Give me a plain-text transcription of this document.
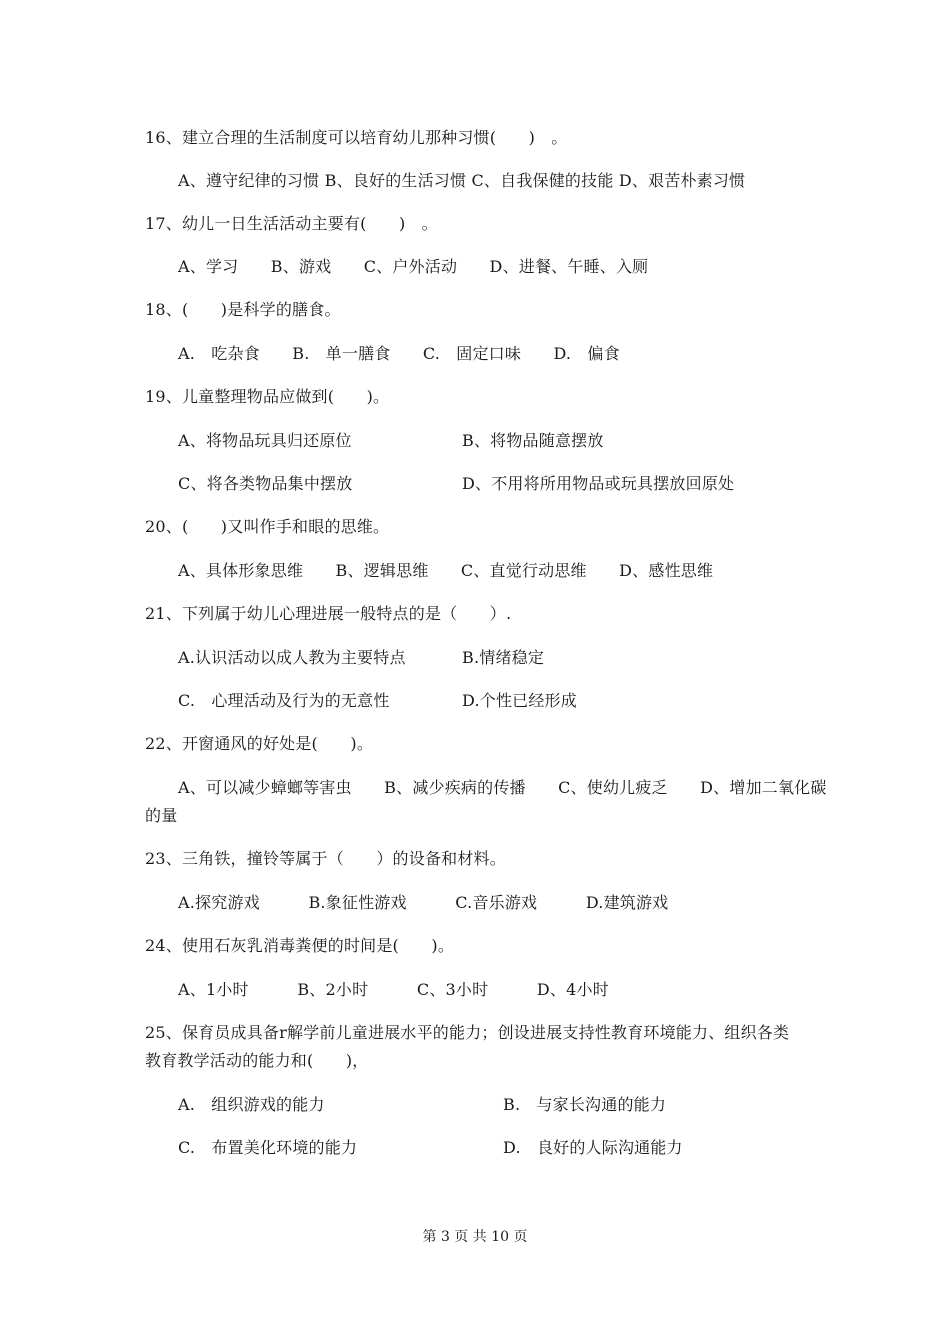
16、建立合理的生活制度可以培育幼儿那种习惯(　　)　。
A、遵守纪律的习惯 B、良好的生活习惯 C、自我保健的技能 D、艰苦朴素习惯
17、幼儿一日生活活动主要有(　　)　。
A、学习　　B、游戏　　C、户外活动　　D、进餐、午睡、入厕
18、(　　)是科学的膳食。
A.　吃杂食　　B.　单一膳食　　C.　固定口味　　D.　偏食
19、儿童整理物品应做到(　　)。
A、将物品玩具归还原位	B、将物品随意摆放
C、将各类物品集中摆放	D、不用将所用物品或玩具摆放回原处
20、(　　)又叫作手和眼的思维。
A、具体形象思维　　B、逻辑思维　　C、直觉行动思维　　D、感性思维
21、下列属于幼儿心理进展一般特点的是（　　）.
A.认识活动以成人教为主要特点	B.情绪稳定
C.　心理活动及行为的无意性	D.个性已经形成
22、开窗通风的好处是(　　)。
A、可以减少蟑螂等害虫　　B、减少疾病的传播　　C、使幼儿疲乏　　D、增加二氧化碳
的量
23、三角铁，撞铃等属于（　　）的设备和材料。
A.探究游戏　　　B.象征性游戏　　　C.音乐游戏　　　D.建筑游戏
24、使用石灰乳消毒粪便的时间是(　　)。
A、1小时　　　B、2小时　　　C、3小时　　　D、4小时
25、保育员成具备r解学前儿童进展水平的能力；创设进展支持性教育环境能力、组织各类
教育教学活动的能力和(　　)，
A.　组织游戏的能力	B.　与家长沟通的能力
C.　布置美化环境的能力	D.　良好的人际沟通能力
第 3 页 共 10 页
